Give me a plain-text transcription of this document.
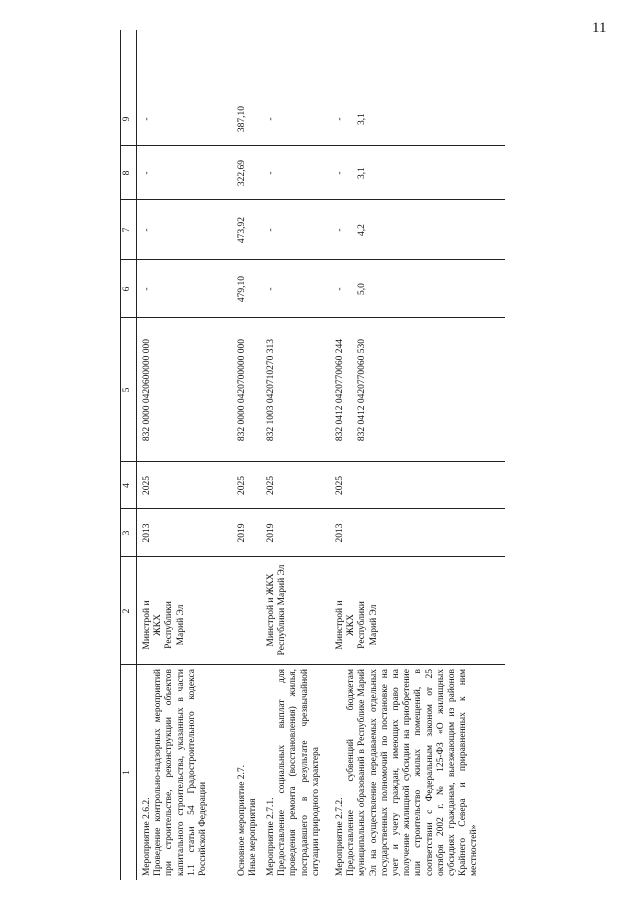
11
1
2
3
4
5
6
7
8
9
Мероприятие 2.6.2.
Проведение контрольно-надзорных мероприятий при строительстве, реконструкции объектов капитального строительства, указанных в части 1.1 статьи 54 Градостроительного кодекса Российской Федерации
Минстрой и ЖКХ Республики Марий Эл
2013
2025
832 0000 0420600000 000
-
-
-
-
Основное мероприятие 2.7.
Иные мероприятия
2019
2025
832 0000 0420700000 000
479,10
473,92
322,69
387,10
Мероприятие 2.7.1.
Предоставление социальных выплат для проведения ремонта (восстановления) жилья, пострадавшего в результате чрезвычайной ситуации природного характера
Минстрой и ЖКХ Республики Марий Эл
2019
2025
832 1003 0420710270 313
-
-
-
-
Мероприятие 2.7.2.
Предоставление субвенций бюджетам муниципальных образований в Республике Марий Эл на осуществление передаваемых отдельных государственных полномочий по постановке на учет и учету граждан, имеющих право на получение жилищной субсидии на приобретение или строительство жилых помещений, в соответствии с Федеральным законом от 25 октября 2002 г. № 125-ФЗ «О жилищных субсидиях гражданам, выезжающим из районов Крайнего Севера и приравненных к ним местностей»
Минстрой и ЖКХ Республики Марий Эл
2013
2025
832 0412 0420770060 244 832 0412 0420770060 530
- 5,0
- 4,2
- 3,1
- 3,1
